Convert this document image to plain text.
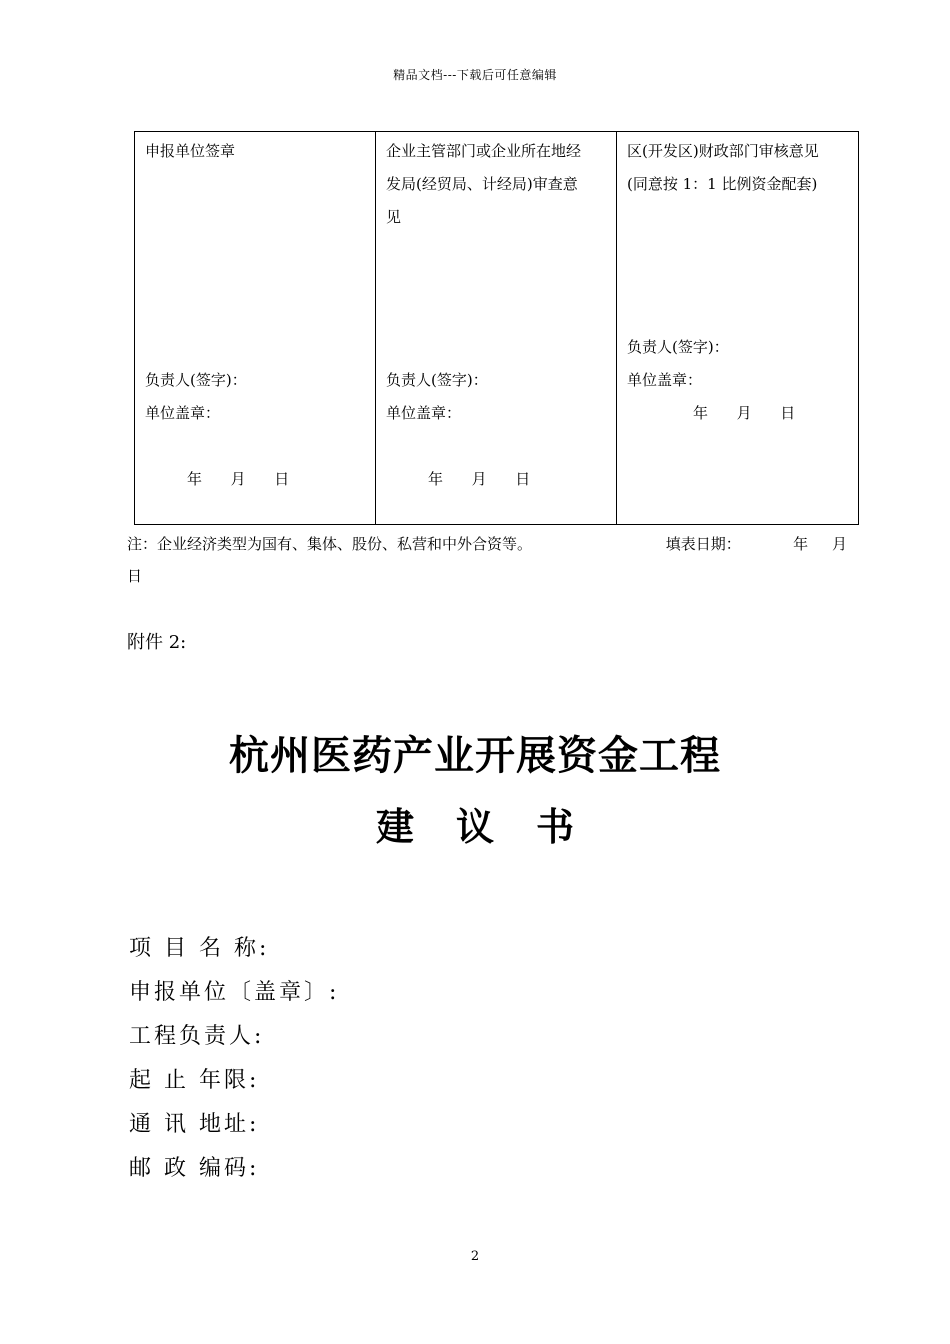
精品文档---下载后可任意编辑
申报单位签章
负责人(签字)：
单位盖章：
年      月      日

企业主管部门或企业所在地经
发局(经贸局、计经局)审查意
见
负责人(签字)：
单位盖章：
年      月      日

区(开发区)财政部门审核意见
(同意按 1：1 比例资金配套)
负责人(签字)：
单位盖章：
年      月      日
注：企业经济类型为国有、集体、股份、私营和中外合资等。	填表日期：           年     月
日
附件 2:
杭州医药产业开展资金工程
建议书
项 目 名 称:
申报单位〔盖章〕:
工程负责人:
起 止 年限:
通 讯 地址:
邮 政 编码:
2
